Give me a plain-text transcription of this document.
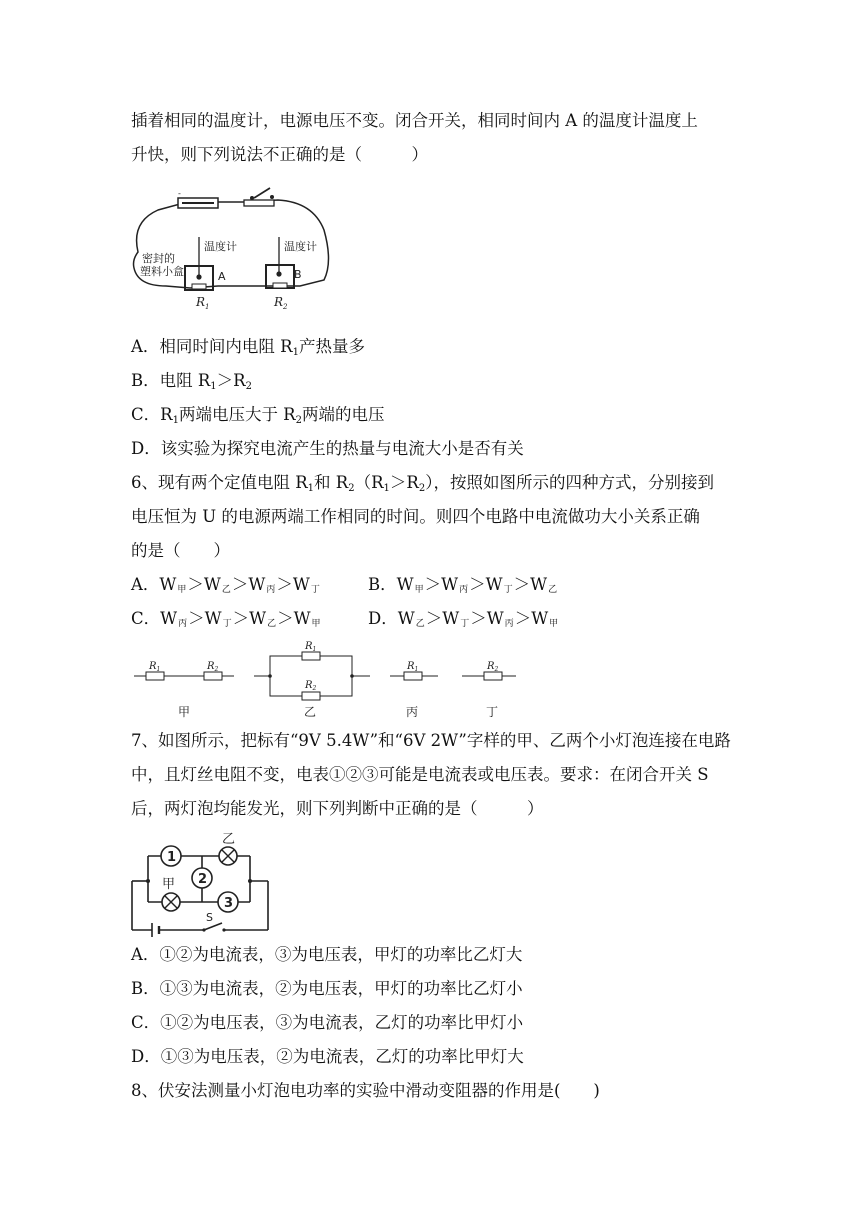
插着相同的温度计，电源电压不变。闭合开关，相同时间内 A 的温度计温度上
升快，则下列说法不正确的是（　　　）
-
密封的
塑料小盒
温度计
A
$R_1$
温度计
B
$R_2$
A．相同时间内电阻 $R_1$产热量多
B．电阻 $R_1>R_2$
C．$R_1$两端电压大于 $R_2$两端的电压
D．该实验为探究电流产生的热量与电流大小是否有关
6、现有两个定值电阻 $R_1$和 $R_2(R_1>R_2)$，按照如图所示的四种方式，分别接到
电压恒为 U 的电源两端工作相同的时间。则四个电路中电流做功大小关系正确
的是（　　）
A．W甲＞W乙＞W丙＞W丁	B．W甲＞W丙＞W丁＞W乙
C．W丙＞W丁＞W乙＞W甲	D．W乙＞W丁＞W丙＞W甲
$R_1$	$R_2$
甲
$R_1$
$R_2$
乙
$R_1$
丙
$R_2$
丁
7、如图所示，把标有“9V 5.4W”和“6V 2W”字样的甲、乙两个小灯泡连接在电路
中，且灯丝电阻不变，电表①②③可能是电流表或电压表。要求：在闭合开关 S
后，两灯泡均能发光，则下列判断中正确的是（　　　）
S
1
乙
2
甲
3
A．①②为电流表，③为电压表，甲灯的功率比乙灯大
B．①③为电流表，②为电压表，甲灯的功率比乙灯小
C．①②为电压表，③为电流表，乙灯的功率比甲灯小
D．①③为电压表，②为电流表，乙灯的功率比甲灯大
8、伏安法测量小灯泡电功率的实验中滑动变阻器的作用是(　　)
